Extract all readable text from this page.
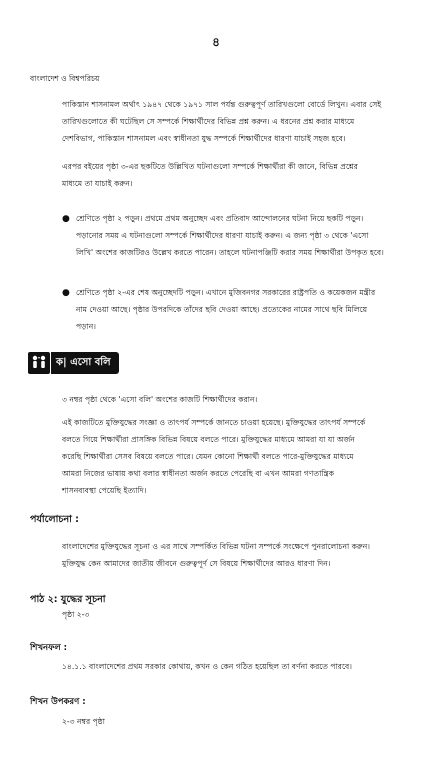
৪
বাংলাদেশ ও বিশ্বপরিচয়
পাকিস্তান শাসনামল অর্থাৎ ১৯৪৭ থেকে ১৯৭১ সাল পর্যন্ত গুরুত্বপূর্ণ তারিখগুলো বোর্ডে লিখুন। এবার সেই
তারিখগুলোতে কী ঘটেছিল সে সম্পর্কে শিক্ষার্থীদের বিভিন্ন প্রশ্ন করুন। এ ধরনের প্রশ্ন করার মাধ্যমে
দেশবিভাগ, পাকিস্তান শাসনামল এবং স্বাধীনতা যুদ্ধ সম্পর্কে শিক্ষার্থীদের ধারণা যাচাই সহজ হবে।
এরপর বইয়ের পৃষ্ঠা ৩-এর ছকটিতে উল্লিখিত ঘটনাগুলো সম্পর্কে শিক্ষার্থীরা কী জানে, বিভিন্ন প্রশ্নের
মাধ্যমে তা যাচাই করুন।
● শ্রেণিতে পৃষ্ঠা ২ পড়ুন। প্রথমে প্রথম অনুচ্ছেদ এবং প্রতিবাদ আন্দোলনের ঘটনা নিয়ে ছকটি পড়ুন।
পড়ানোর সময় এ ঘটনাগুলো সম্পর্কে শিক্ষার্থীদের ধারণা যাচাই করুন। এ জন্য পৃষ্ঠা ৩ থেকে 'এসো
লিখি' অংশের কাজটিরও উল্লেখ করতে পারেন। তাহলে ঘটনাপঞ্জিটি করার সময় শিক্ষার্থীরা উপকৃত হবে।
● শ্রেণিতে পৃষ্ঠা ২-এর শেষ অনুচ্ছেদটি পড়ুন। এখানে মুজিবনগর সরকারের রাষ্ট্রপতি ও কয়েকজন মন্ত্রীর
নাম দেওয়া আছে। পৃষ্ঠার উপরদিকে তাঁদের ছবি দেওয়া আছে। প্রত্যেকের নামের সাথে ছবি মিলিয়ে
পড়ান।
ক| এসো বলি
৩ নম্বর পৃষ্ঠা থেকে 'এসো বলি' অংশের কাজটি শিক্ষার্থীদের করান।
এই কাজটিতে মুক্তিযুদ্ধের সংজ্ঞা ও তাৎপর্য সম্পর্কে জানতে চাওয়া হয়েছে। মুক্তিযুদ্ধের তাৎপর্য সম্পর্কে
বলতে গিয়ে শিক্ষার্থীরা প্রাসঙ্গিক বিভিন্ন বিষয়ে বলতে পারে। মুক্তিযুদ্ধের মাধ্যমে আমরা যা যা অর্জন
করেছি শিক্ষার্থীরা সেসব বিষয়ে বলতে পারে। যেমন কোনো শিক্ষার্থী বলতে পারে-মুক্তিযুদ্ধের মাধ্যমে
আমরা নিজের ভাষায় কথা বলার স্বাধীনতা অর্জন করতে পেরেছি বা এখন আমরা গণতান্ত্রিক
শাসনব্যবস্থা পেয়েছি ইত্যাদি।
পর্যালোচনা :
বাংলাদেশের মুক্তিযুদ্ধের সূচনা ও এর সাথে সম্পর্কিত বিভিন্ন ঘটনা সম্পর্কে সংক্ষেপে পুনরালোচনা করুন।
মুক্তিযুদ্ধ কেন আমাদের জাতীয় জীবনে গুরুত্বপূর্ণ সে বিষয়ে শিক্ষার্থীদের আরও ধারণা দিন।
পাঠ ২: যুদ্ধের সূচনা
পৃষ্ঠা ২-৩
শিখনফল :
১৪.১.১ বাংলাদেশের প্রথম সরকার কোথায়, কখন ও কেন গঠিত হয়েছিল তা বর্ণনা করতে পারবে।
শিখন উপকরণ :
২-৩ নম্বর পৃষ্ঠা
